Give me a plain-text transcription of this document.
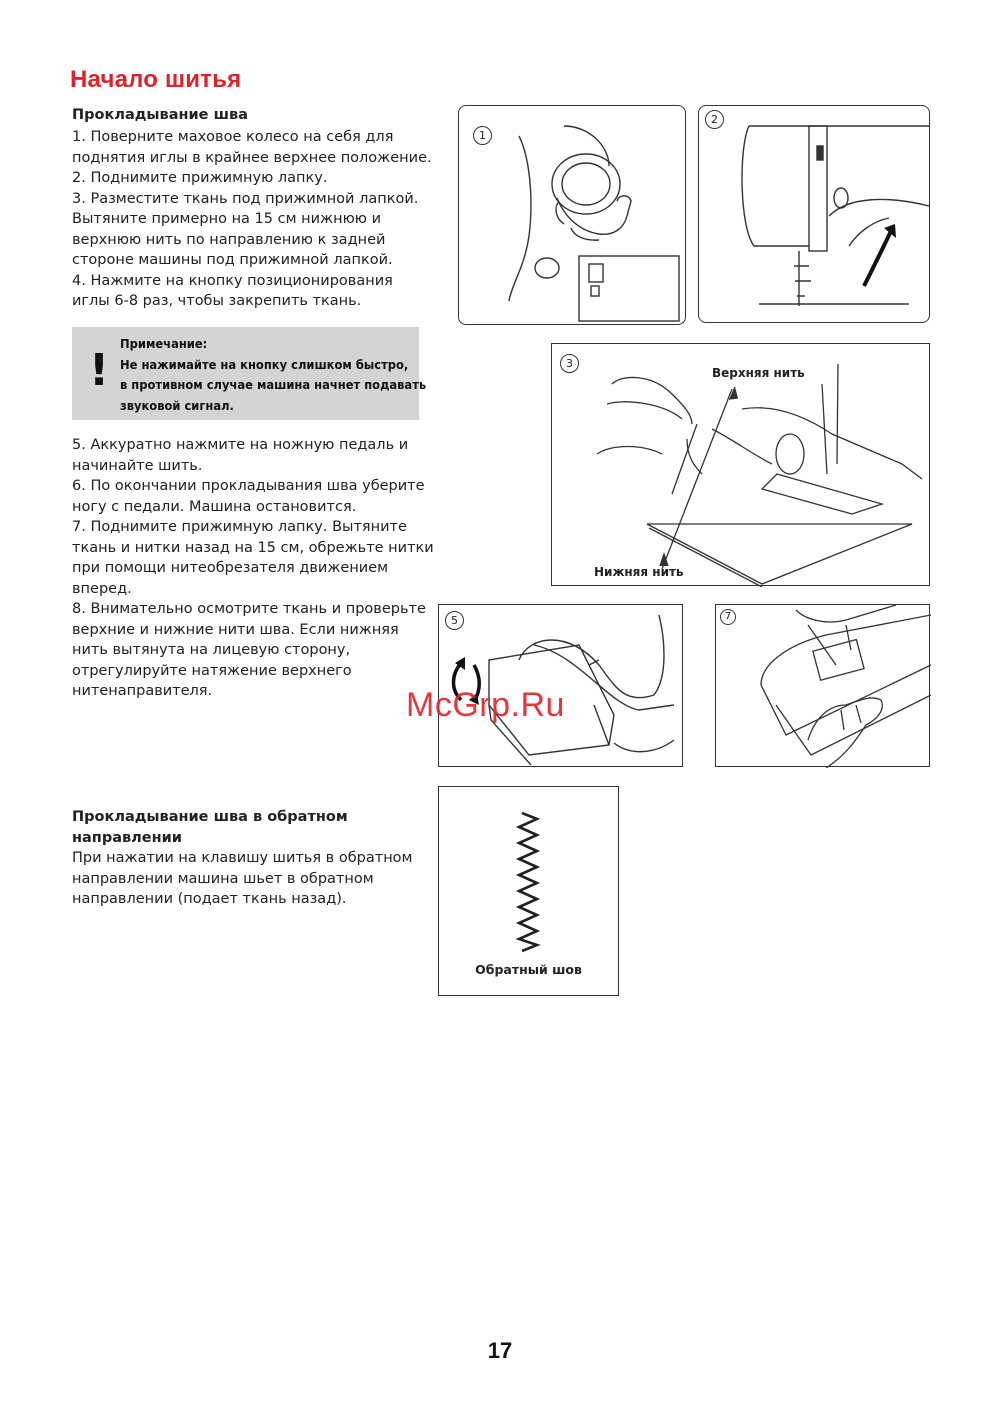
Начало шитья
Прокладывание шва

1. Поверните маховое колесо на себя для
поднятия иглы в крайнее верхнее положение.
2. Поднимите прижимную лапку.
3. Разместите ткань под прижимной лапкой.
Вытяните примерно на 15 см нижнюю и
верхнюю нить по направлению к задней
стороне машины под прижимной лапкой.
4. Нажмите на кнопку позиционирования
иглы 6-8 раз, чтобы закрепить ткань.

!
Примечание:
Не нажимайте на кнопку слишком быстро,
в противном случае машина начнет подавать
звуковой сигнал.

5. Аккуратно нажмите на ножную педаль и
начинайте шить.
6. По окончании прокладывания шва уберите
ногу с педали. Машина остановится.
7. Поднимите прижимную лапку. Вытяните
ткань и нитки назад на 15 см, обрежьте нитки
при помощи нитеобрезателя движением
вперед.
8. Внимательно осмотрите ткань и проверьте
верхние и нижние нити шва. Если нижняя
нить вытянута на лицевую сторону,
отрегулируйте натяжение верхнего
нитенаправителя.

Прокладывание шва в обратном
направлении

При нажатии на клавишу шитья в обратном
направлении машина шьет в обратном
направлении (подает ткань назад).

1
2
3
Верхняя нить
Нижняя нить
5	7
Обратный шов
McGrp.Ru
17
